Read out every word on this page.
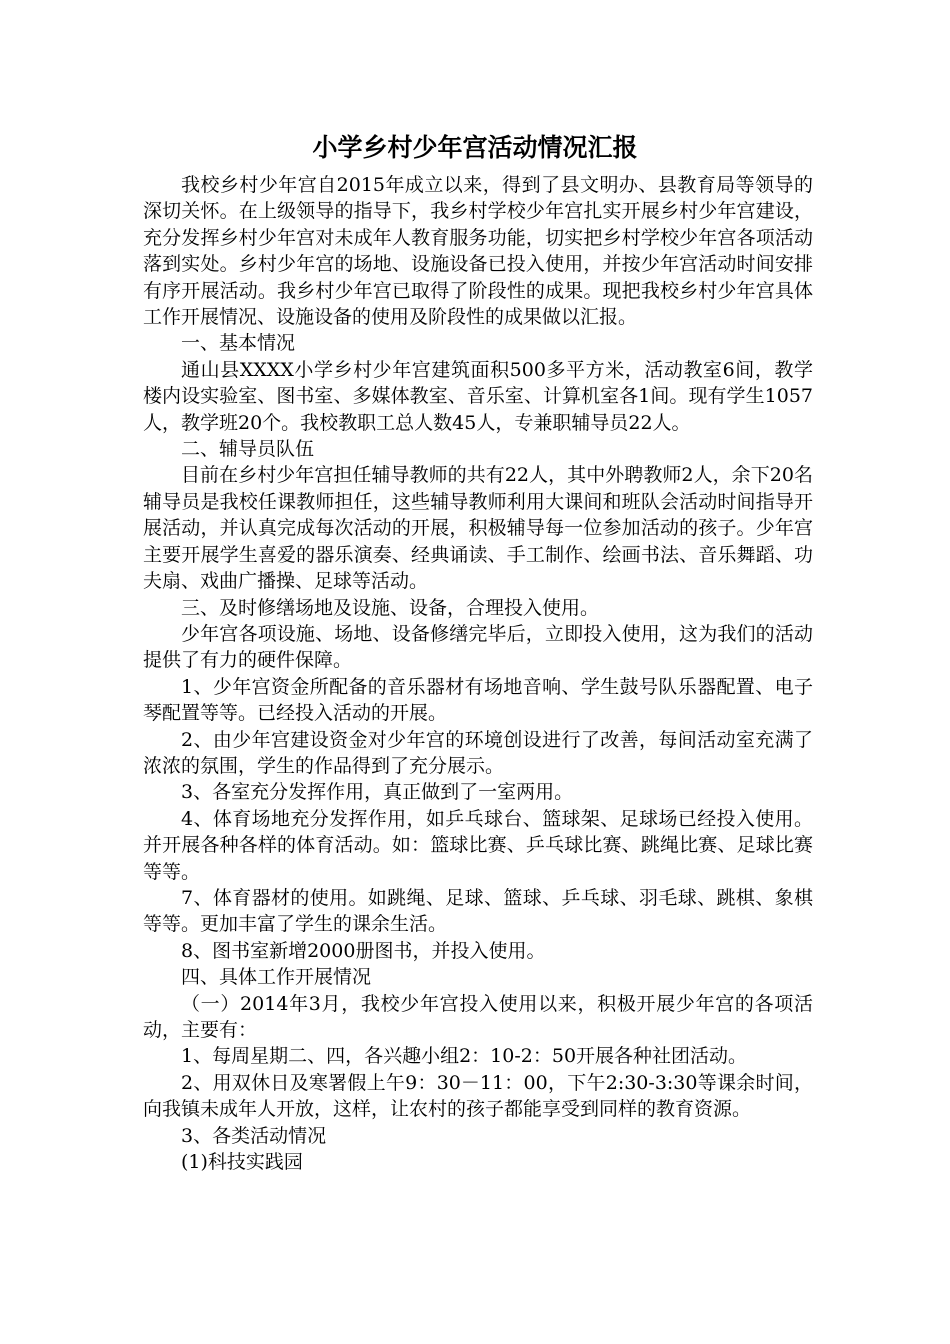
小学乡村少年宫活动情况汇报

我校乡村少年宫自2015年成立以来，得到了县文明办、县教育局等领导的深切关怀。在上级领导的指导下，我乡村学校少年宫扎实开展乡村少年宫建设，充分发挥乡村少年宫对未成年人教育服务功能，切实把乡村学校少年宫各项活动落到实处。乡村少年宫的场地、设施设备已投入使用，并按少年宫活动时间安排有序开展活动。我乡村少年宫已取得了阶段性的成果。现把我校乡村少年宫具体工作开展情况、设施设备的使用及阶段性的成果做以汇报。

一、基本情况

通山县XXXX小学乡村少年宫建筑面积500多平方米，活动教室6间，教学楼内设实验室、图书室、多媒体教室、音乐室、计算机室各1间。现有学生1057人，教学班20个。我校教职工总人数45人，专兼职辅导员22人。

二、辅导员队伍

目前在乡村少年宫担任辅导教师的共有22人，其中外聘教师2人，余下20名辅导员是我校任课教师担任，这些辅导教师利用大课间和班队会活动时间指导开展活动，并认真完成每次活动的开展，积极辅导每一位参加活动的孩子。少年宫主要开展学生喜爱的器乐演奏、经典诵读、手工制作、绘画书法、音乐舞蹈、功夫扇、戏曲广播操、足球等活动。

三、及时修缮场地及设施、设备，合理投入使用。

少年宫各项设施、场地、设备修缮完毕后，立即投入使用，这为我们的活动提供了有力的硬件保障。

1、少年宫资金所配备的音乐器材有场地音响、学生鼓号队乐器配置、电子琴配置等等。已经投入活动的开展。

2、由少年宫建设资金对少年宫的环境创设进行了改善，每间活动室充满了浓浓的氛围，学生的作品得到了充分展示。

3、各室充分发挥作用，真正做到了一室两用。

4、体育场地充分发挥作用，如乒乓球台、篮球架、足球场已经投入使用。并开展各种各样的体育活动。如：篮球比赛、乒乓球比赛、跳绳比赛、足球比赛等等。

7、体育器材的使用。如跳绳、足球、篮球、乒乓球、羽毛球、跳棋、象棋等等。更加丰富了学生的课余生活。

8、图书室新增2000册图书，并投入使用。

四、具体工作开展情况

（一）2014年3月，我校少年宫投入使用以来，积极开展少年宫的各项活动，主要有：

1、每周星期二、四，各兴趣小组2：10-2：50开展各种社团活动。

2、用双休日及寒署假上午9：30－11：00，下午2:30-3:30等课余时间，向我镇未成年人开放，这样，让农村的孩子都能享受到同样的教育资源。

3、各类活动情况

(1)科技实践园
